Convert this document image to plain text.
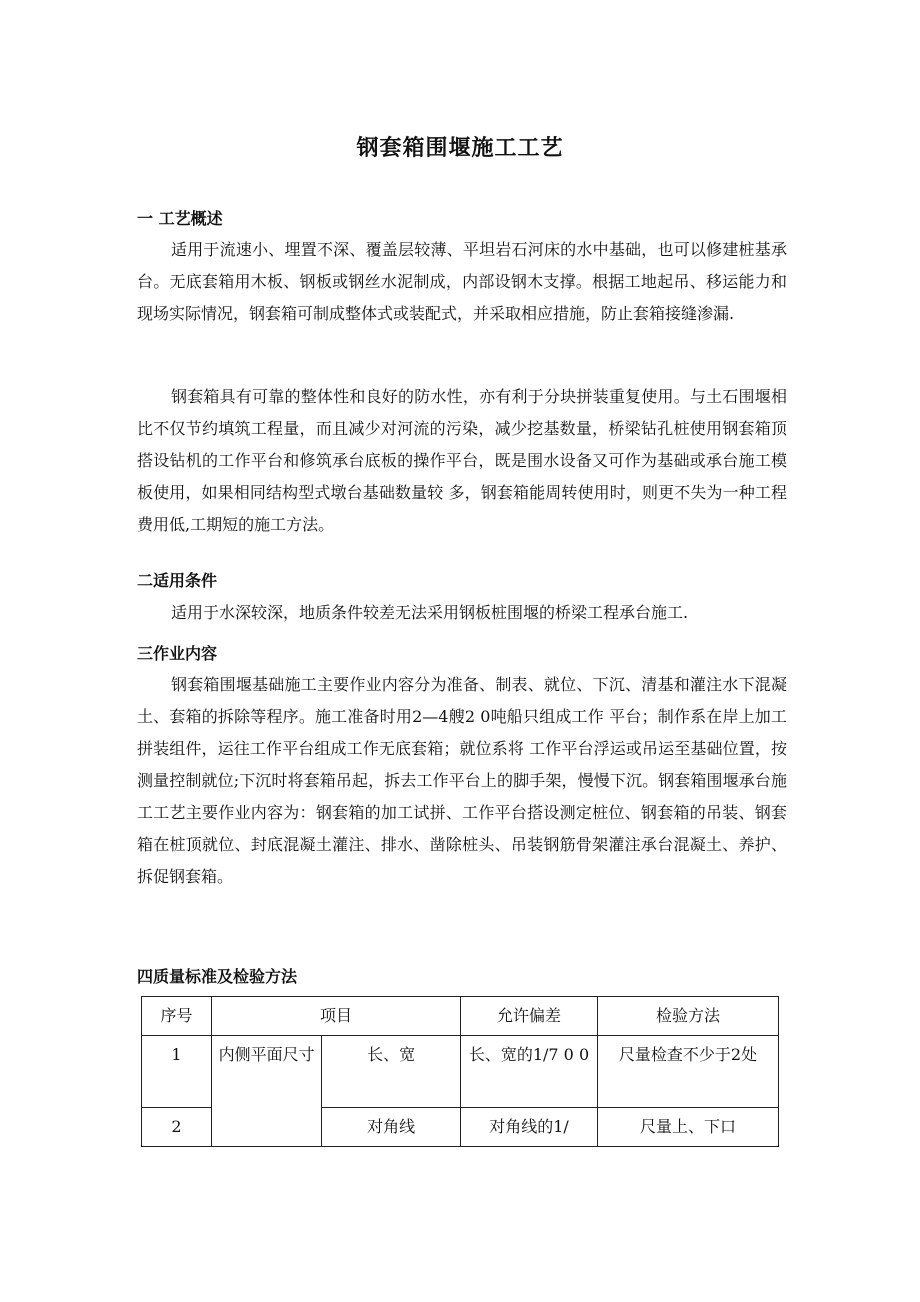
钢套箱围堰施工工艺
一 工艺概述
适用于流速小、埋置不深、覆盖层较薄、平坦岩石河床的水中基础，也可以修建桩基承台。无底套箱用木板、钢板或钢丝水泥制成，内部设钢木支撑。根据工地起吊、移运能力和现场实际情况，钢套箱可制成整体式或装配式，并采取相应措施，防止套箱接缝渗漏.
钢套箱具有可靠的整体性和良好的防水性，亦有利于分块拼装重复使用。与土石围堰相比不仅节约填筑工程量，而且减少对河流的污染，减少挖基数量，桥梁钻孔桩使用钢套箱顶搭设钻机的工作平台和修筑承台底板的操作平台，既是围水设备又可作为基础或承台施工模板使用，如果相同结构型式墩台基础数量较 多，钢套箱能周转使用时，则更不失为一种工程费用低,工期短的施工方法。
二适用条件
适用于水深较深，地质条件较差无法采用钢板桩围堰的桥梁工程承台施工.
三作业内容
钢套箱围堰基础施工主要作业内容分为准备、制表、就位、下沉、清基和灌注水下混凝土、套箱的拆除等程序。施工准备时用2—4艘2 0吨船只组成工作 平台；制作系在岸上加工拼装组件，运往工作平台组成工作无底套箱；就位系将 工作平台浮运或吊运至基础位置，按测量控制就位;下沉时将套箱吊起，拆去工作平台上的脚手架，慢慢下沉。钢套箱围堰承台施工工艺主要作业内容为：钢套箱的加工试拼、工作平台搭设测定桩位、钢套箱的吊装、钢套箱在桩顶就位、封底混凝土灌注、排水、凿除桩头、吊装钢筋骨架灌注承台混凝土、养护、拆促钢套箱。
四质量标准及检验方法
序号	项目		允许偏差	检验方法
1	内侧平面尺寸	长、宽	长、宽的1/7 0 0	尺量检查不少于2处
2		对角线	对角线的1/	尺量上、下口
